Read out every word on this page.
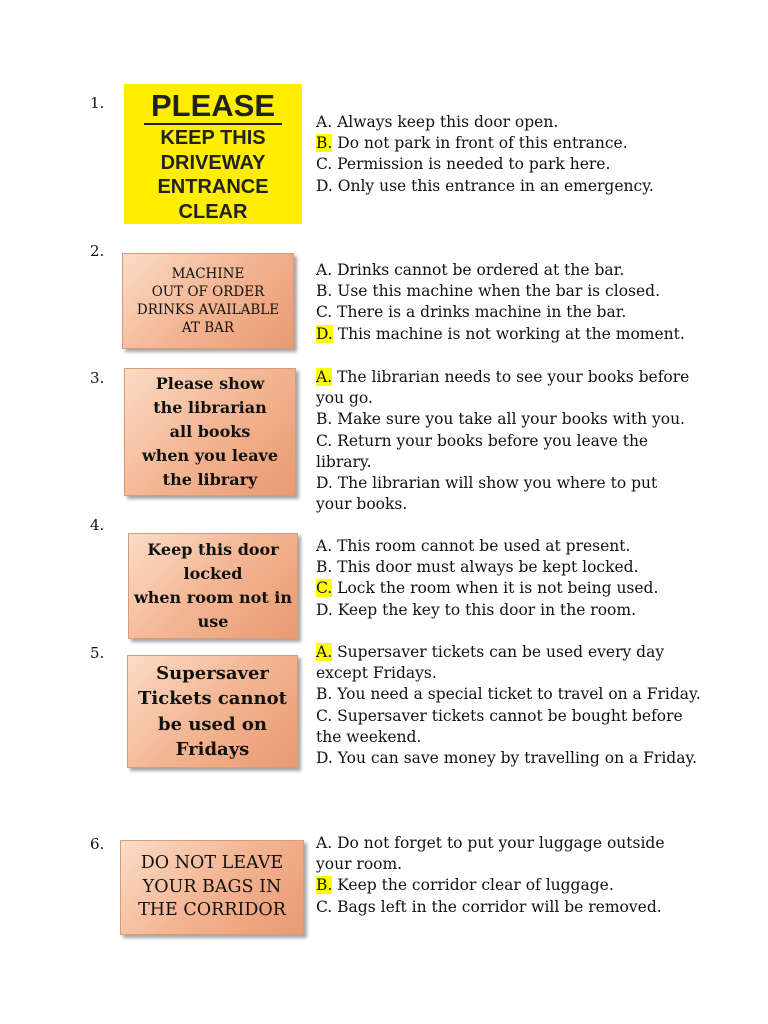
1.	PLEASE
KEEP THIS
DRIVEWAY
ENTRANCE
CLEAR
A. Always keep this door open.
B. Do not park in front of this entrance.
C. Permission is needed to park here.
D. Only use this entrance in an emergency.
2.
MACHINE
OUT OF ORDER
DRINKS AVAILABLE
AT BAR
A. Drinks cannot be ordered at the bar.
B. Use this machine when the bar is closed.
C. There is a drinks machine in the bar.
D. This machine is not working at the moment.
3.	Please show
the librarian
all books
when you leave
the library
A. The librarian needs to see your books before
you go.
B. Make sure you take all your books with you.
C. Return your books before you leave the
library.
D. The librarian will show you where to put
your books.
4.
Keep this door
locked
when room not in
use
A. This room cannot be used at present.
B. This door must always be kept locked.
C. Lock the room when it is not being used.
D. Keep the key to this door in the room.
5.
Supersaver
Tickets cannot
be used on
Fridays
A. Supersaver tickets can be used every day
except Fridays.
B. You need a special ticket to travel on a Friday.
C. Supersaver tickets cannot be bought before
the weekend.
D. You can save money by travelling on a Friday.
6.
DO NOT LEAVE
YOUR BAGS IN
THE CORRIDOR
A. Do not forget to put your luggage outside
your room.
B. Keep the corridor clear of luggage.
C. Bags left in the corridor will be removed.
